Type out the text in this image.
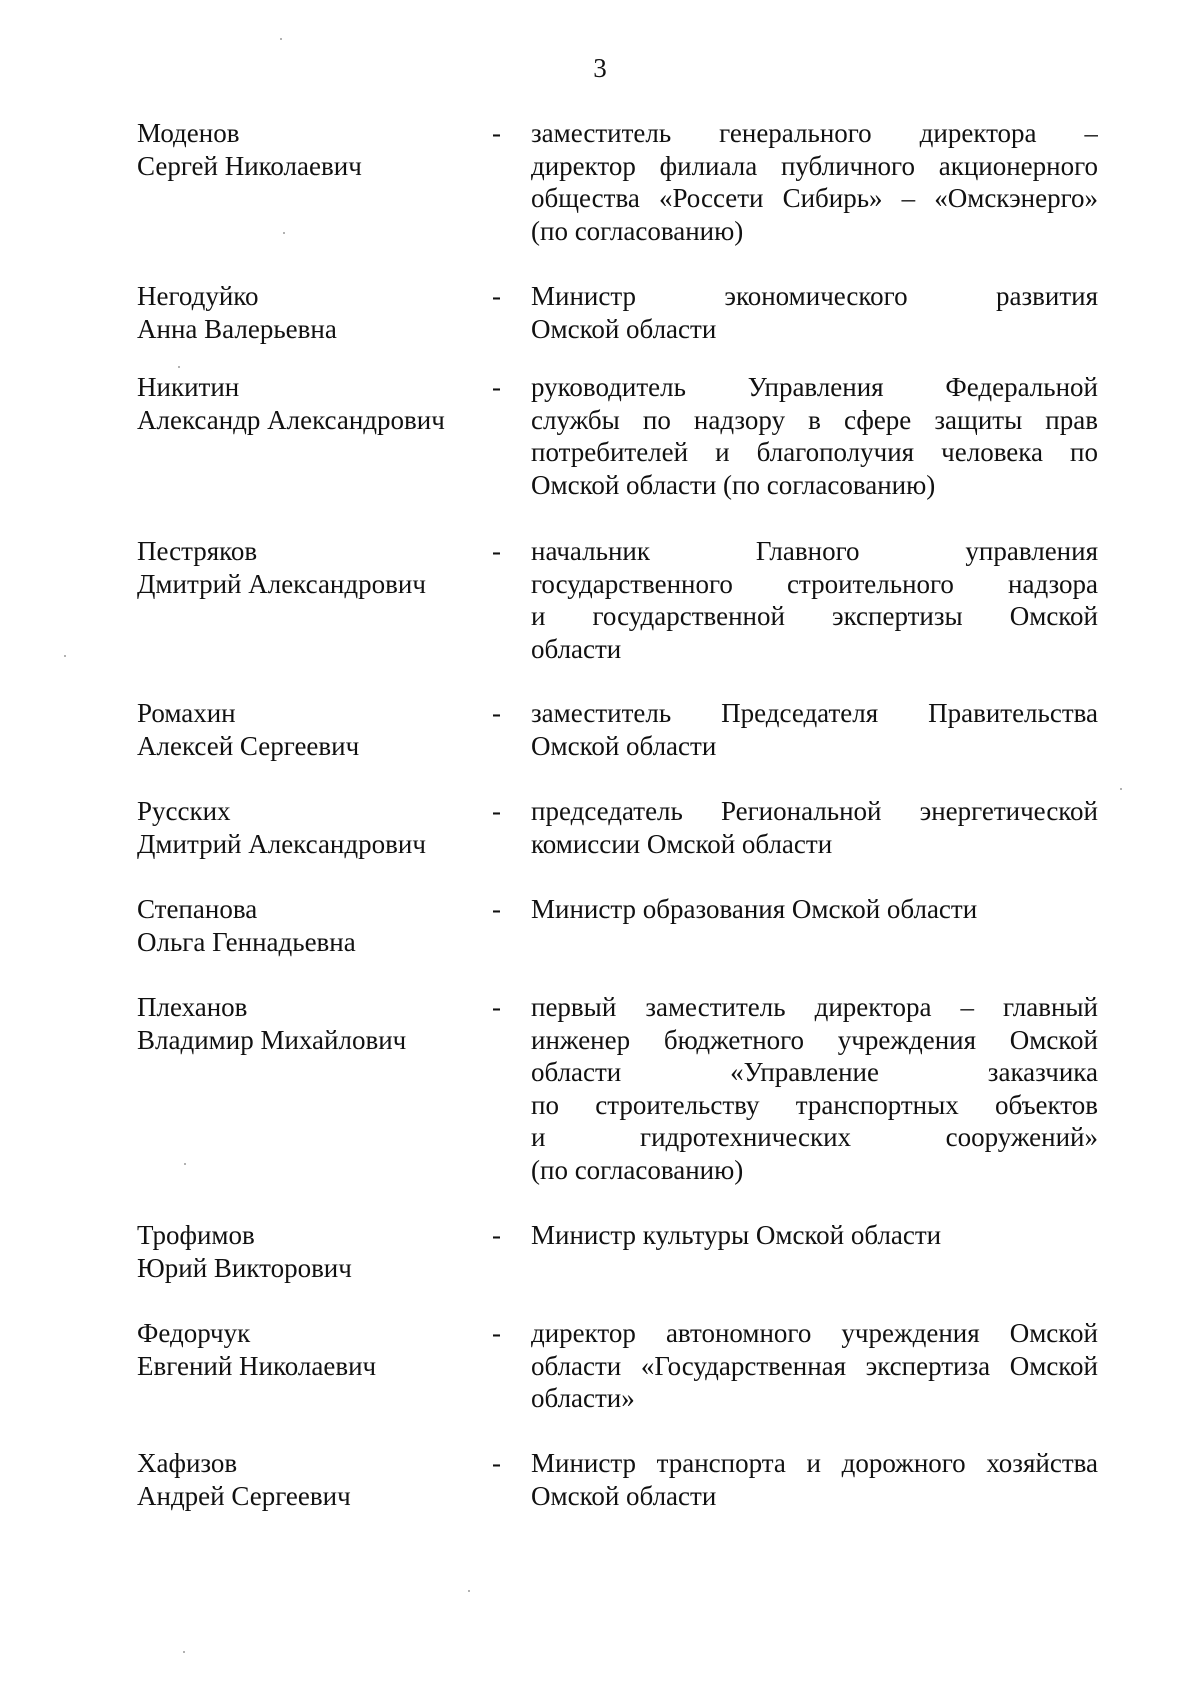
3
Моденов
Сергей Николаевич
- заместитель генерального директора –
директор филиала публичного акционерного
общества «Россети Сибирь» – «Омскэнерго»
(по согласованию)
Негодуйко
Анна Валерьевна
- Министр экономического развития
Омской области
Никитин
Александр Александрович
- руководитель Управления Федеральной
службы по надзору в сфере защиты прав
потребителей и благополучия человека по
Омской области (по согласованию)
Пестряков
Дмитрий Александрович
- начальник Главного управления
государственного строительного надзора
и государственной экспертизы Омской
области
Ромахин
Алексей Сергеевич
- заместитель Председателя Правительства
Омской области
Русских
Дмитрий Александрович
- председатель Региональной энергетической
комиссии Омской области
Степанова
Ольга Геннадьевна
- Министр образования Омской области
Плеханов
Владимир Михайлович
- первый заместитель директора – главный
инженер бюджетного учреждения Омской
области «Управление заказчика
по строительству транспортных объектов
и гидротехнических сооружений»
(по согласованию)
Трофимов
Юрий Викторович
- Министр культуры Омской области
Федорчук
Евгений Николаевич
- директор автономного учреждения Омской
области «Государственная экспертиза Омской
области»
Хафизов
Андрей Сергеевич
- Министр транспорта и дорожного хозяйства
Омской области
